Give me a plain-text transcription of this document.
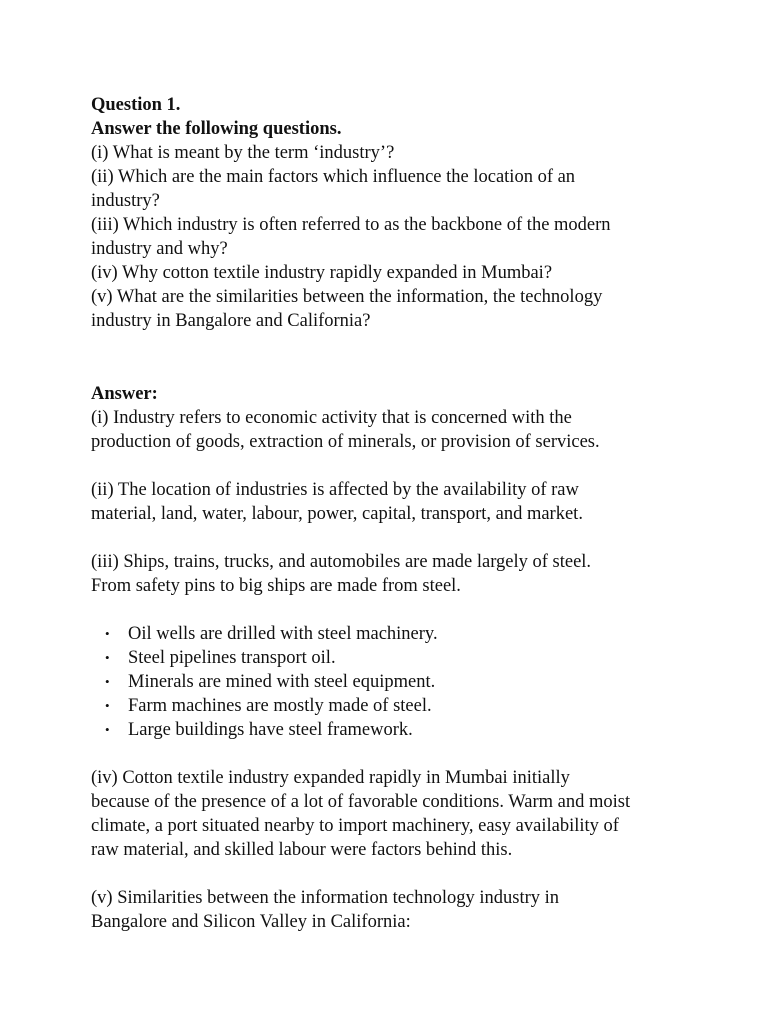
Question 1.
Answer the following questions.
(i) What is meant by the term ‘industry’?
(ii) Which are the main factors which influence the location of an
industry?
(iii) Which industry is often referred to as the backbone of the modern
industry and why?
(iv) Why cotton textile industry rapidly expanded in Mumbai?
(v) What are the similarities between the information, the technology
industry in Bangalore and California?
Answer:
(i) Industry refers to economic activity that is concerned with the
production of goods, extraction of minerals, or provision of services.
(ii) The location of industries is affected by the availability of raw
material, land, water, labour, power, capital, transport, and market.
(iii) Ships, trains, trucks, and automobiles are made largely of steel.
From safety pins to big ships are made from steel.
• Oil wells are drilled with steel machinery.
• Steel pipelines transport oil.
• Minerals are mined with steel equipment.
• Farm machines are mostly made of steel.
• Large buildings have steel framework.
(iv) Cotton textile industry expanded rapidly in Mumbai initially
because of the presence of a lot of favorable conditions. Warm and moist
climate, a port situated nearby to import machinery, easy availability of
raw material, and skilled labour were factors behind this.
(v) Similarities between the information technology industry in
Bangalore and Silicon Valley in California:
